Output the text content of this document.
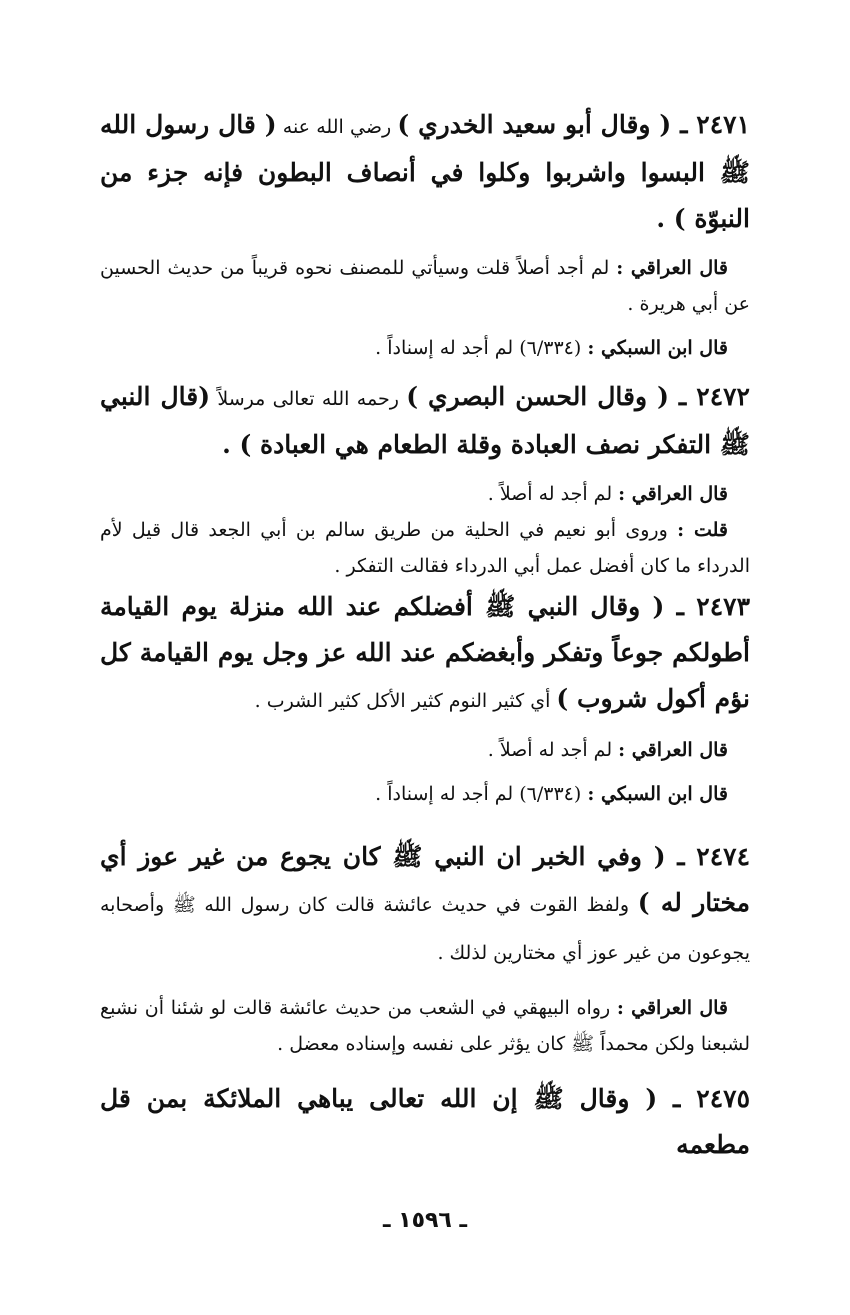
٢٤٧١ ـ ( وقال أبو سعيد الخدري ) رضي الله عنه ( قال رسول الله ﷺ البسوا واشربوا وكلوا في أنصاف البطون فإنه جزء من النبوّة ) .

قال العراقي : لم أجد أصلاً قلت وسيأتي للمصنف نحوه قريباً من حديث الحسين عن أبي هريرة .

قال ابن السبكي : (٦/٣٣٤) لم أجد له إسناداً .

٢٤٧٢ ـ ( وقال الحسن البصري ) رحمه الله تعالى مرسلاً (قال النبي ﷺ التفكر نصف العبادة وقلة الطعام هي العبادة ) .

قال العراقي : لم أجد له أصلاً .

قلت : وروى أبو نعيم في الحلية من طريق سالم بن أبي الجعد قال قيل لأم الدرداء ما كان أفضل عمل أبي الدرداء فقالت التفكر .

٢٤٧٣ ـ ( وقال النبي ﷺ أفضلكم عند الله منزلة يوم القيامة أطولكم جوعاً وتفكر وأبغضكم عند الله عز وجل يوم القيامة كل نؤم أكول شروب ) أي كثير النوم كثير الأكل كثير الشرب .

قال العراقي : لم أجد له أصلاً .

قال ابن السبكي : (٦/٣٣٤) لم أجد له إسناداً .

٢٤٧٤ ـ ( وفي الخبر ان النبي ﷺ كان يجوع من غير عوز أي مختار له ) ولفظ القوت في حديث عائشة قالت كان رسول الله ﷺ وأصحابه يجوعون من غير عوز أي مختارين لذلك .

قال العراقي : رواه البيهقي في الشعب من حديث عائشة قالت لو شئنا أن نشبع لشبعنا ولكن محمداً ﷺ كان يؤثر على نفسه وإسناده معضل .

٢٤٧٥ ـ ( وقال ﷺ إن الله تعالى يباهي الملائكة بمن قل مطعمه

ـ ١٥٩٦ ـ
